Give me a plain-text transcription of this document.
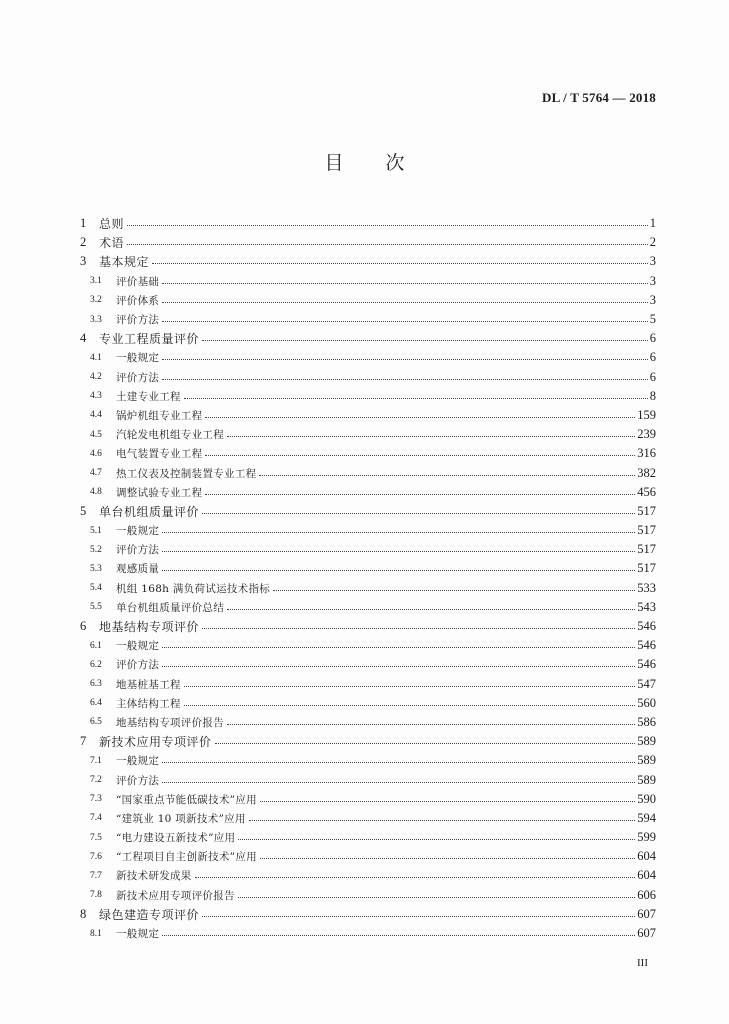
DL / T 5764 — 2018
目 次
1	总则	1
2	术语	2
3	基本规定	3
3.1	评价基础	3
3.2	评价体系	3
3.3	评价方法	5
4	专业工程质量评价	6
4.1	一般规定	6
4.2	评价方法	6
4.3	土建专业工程	8
4.4	锅炉机组专业工程	159
4.5	汽轮发电机组专业工程	239
4.6	电气装置专业工程	316
4.7	热工仪表及控制装置专业工程	382
4.8	调整试验专业工程	456
5	单台机组质量评价	517
5.1	一般规定	517
5.2	评价方法	517
5.3	观感质量	517
5.4	机组 168h 满负荷试运技术指标	533
5.5	单台机组质量评价总结	543
6	地基结构专项评价	546
6.1	一般规定	546
6.2	评价方法	546
6.3	地基桩基工程	547
6.4	主体结构工程	560
6.5	地基结构专项评价报告	586
7	新技术应用专项评价	589
7.1	一般规定	589
7.2	评价方法	589
7.3	“国家重点节能低碳技术”应用	590
7.4	“建筑业 10 项新技术”应用	594
7.5	“电力建设五新技术”应用	599
7.6	“工程项目自主创新技术”应用	604
7.7	新技术研发成果	604
7.8	新技术应用专项评价报告	606
8	绿色建造专项评价	607
8.1	一般规定	607
III
